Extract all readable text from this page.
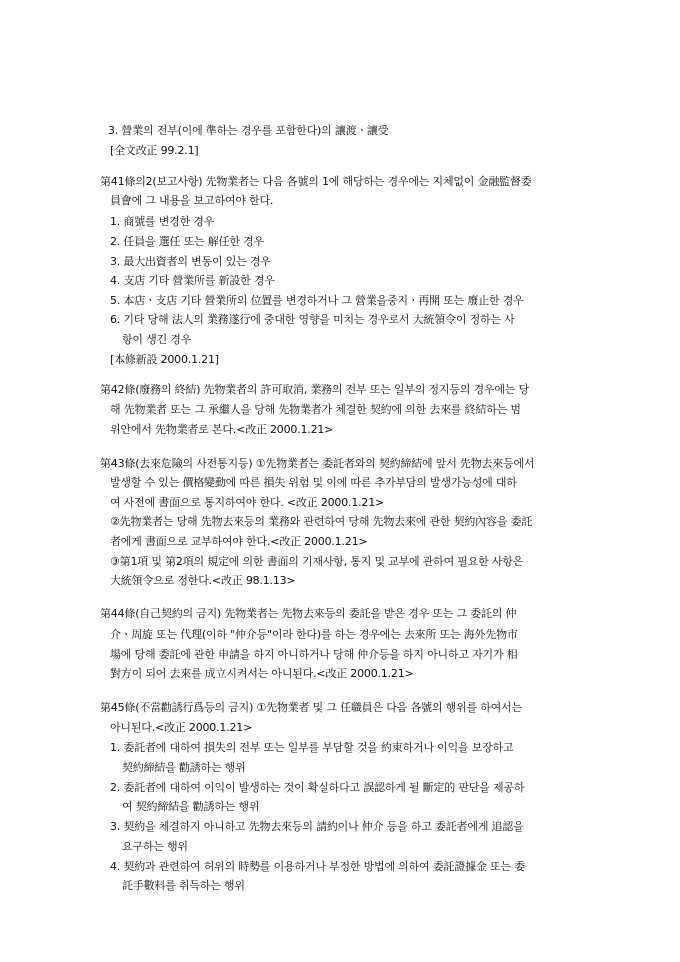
3. 營業의 전부(이에 準하는 경우를 포함한다)의 讓渡ㆍ讓受
[全文改正 99.2.1]
第41條의2(보고사항) 先物業者는 다음 各號의 1에 해당하는 경우에는 지체없이 金融監督委
員會에 그 내용을 보고하여야 한다.
1. 商號를 변경한 경우
2. 任員을 選任 또는 解任한 경우
3. 最大出資者의 변동이 있는 경우
4. 支店 기타 營業所를 新設한 경우
5. 本店ㆍ支店 기타 營業所의 位置를 변경하거나 그 營業을중지ㆍ再開 또는 廢止한 경우
6. 기타 당해 法人의 業務遂行에 중대한 영향을 미치는 경우로서 大統領令이 정하는 사
항이 생긴 경우
[本條新設 2000.1.21]
第42條(廢務의 終結) 先物業者의 許可取消, 業務의 전부 또는 일부의 정지등의 경우에는 당
해 先物業者 또는 그 承繼人을 당해 先物業者가 체결한 契約에 의한 去來를 終結하는 범
위안에서 先物業者로 본다.<改正 2000.1.21>
第43條(去來危險의 사전통지등) ①先物業者는 委託者와의 契約締結에 앞서 先物去來등에서
발생할 수 있는 價格變動에 따른 損失 위험 및 이에 따른 추가부담의 발생가능성에 대하
여 사전에 書面으로 통지하여야 한다. <改正 2000.1.21>
②先物業者는 당해 先物去來등의 業務와 관련하여 당해 先物去來에 관한 契約內容을 委託
者에게 書面으로 교부하여야 한다.<改正 2000.1.21>
③第1項 및 第2項의 規定에 의한 書面의 기재사항, 통지 및 교부에 관하여 필요한 사항은
大統領令으로 정한다.<改正 98.1.13>
第44條(自己契約의 금지) 先物業者는 先物去來등의 委託을 받은 경우 또는 그 委託의 仲
介ㆍ周旋 또는 代理(이하 "仲介등"이라 한다)를 하는 경우에는 去來所 또는 海外先物市
場에 당해 委託에 관한 申請을 하지 아니하거나 당해 仲介등을 하지 아니하고 자기가 相
對方이 되어 去來를 成立시켜서는 아니된다.<改正 2000.1.21>
第45條(不當勸誘行爲등의 금지) ①先物業者 및 그 任職員은 다음 各號의 행위를 하여서는
아니된다.<改正 2000.1.21>
1. 委託者에 대하여 損失의 전부 또는 일부를 부담할 것을 約束하거나 이익을 보장하고
契約締結을 勸誘하는 행위
2. 委託者에 대하여 이익이 발생하는 것이 확실하다고 誤認하게 될 斷定的 판단을 제공하
여 契約締結을 勸誘하는 행위
3. 契約을 체결하지 아니하고 先物去來등의 請約이나 仲介 등을 하고 委託者에게 追認을
요구하는 행위
4. 契約과 관련하여 허위의 時勢를 이용하거나 부정한 방법에 의하여 委託證據金 또는 委
託手數料를 취득하는 행위
